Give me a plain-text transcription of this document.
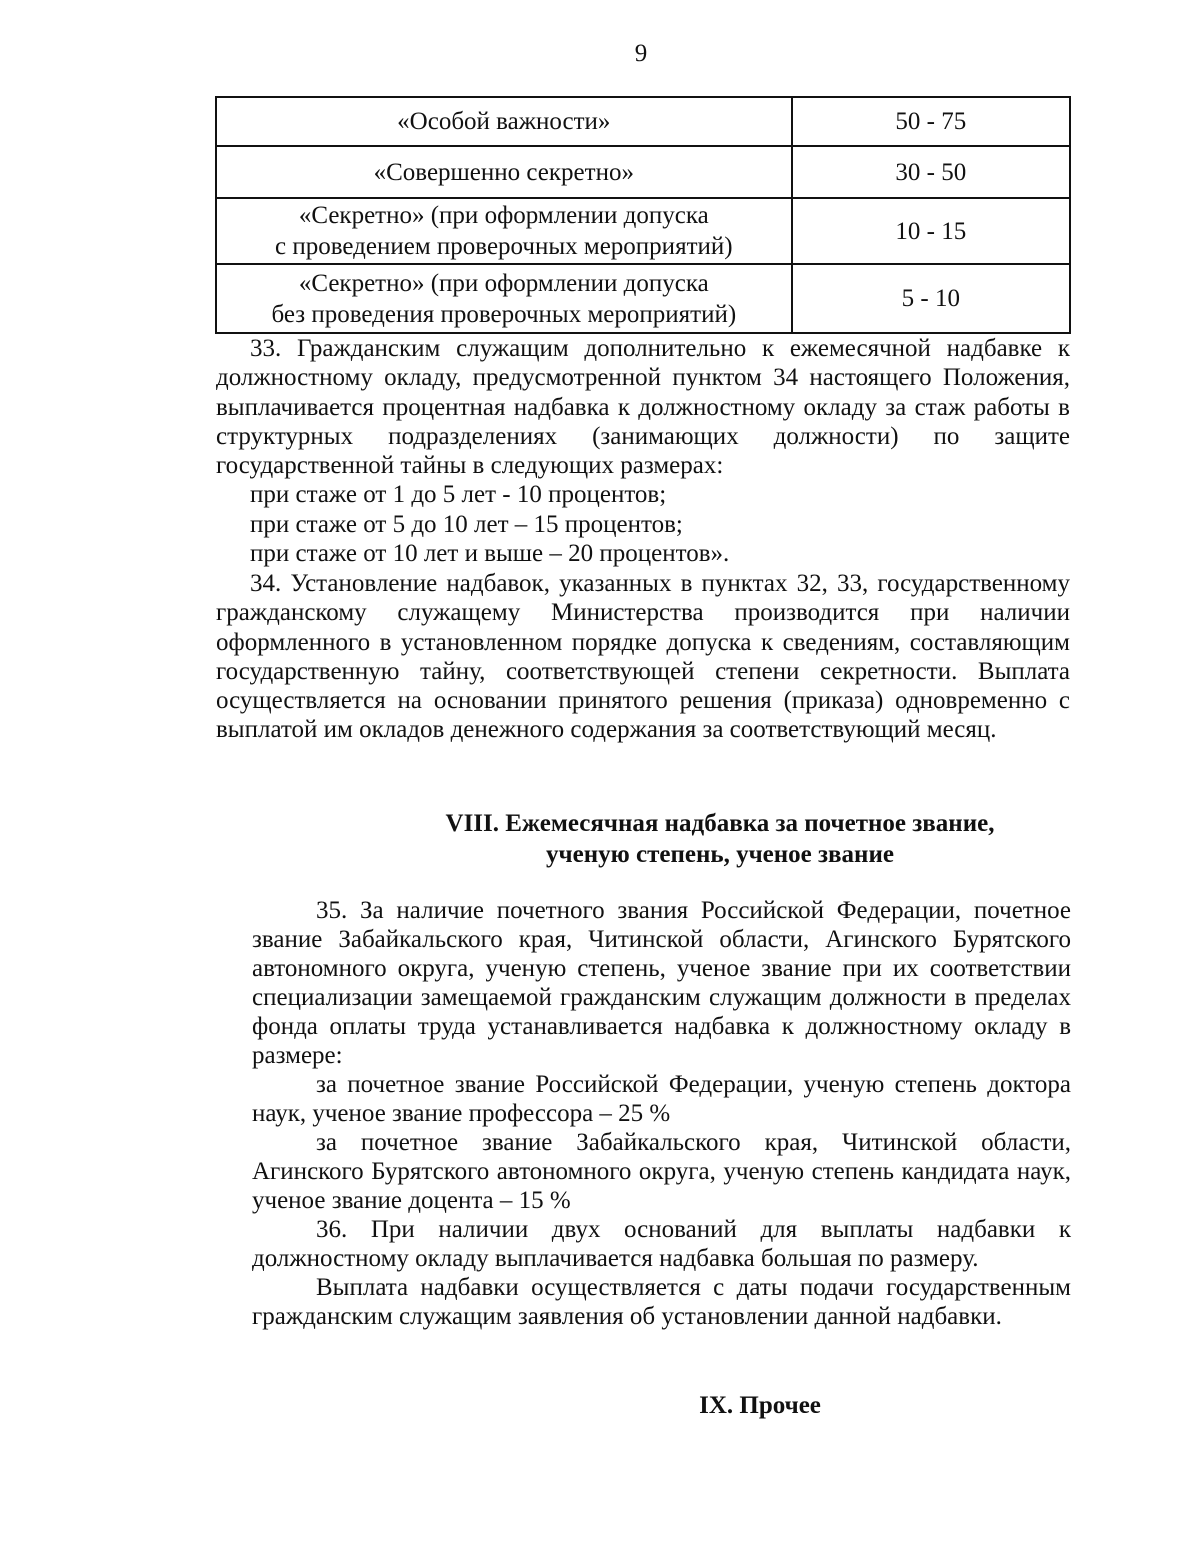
9
«Особой важности»	50 - 75

«Совершенно секретно»	30 - 50

«Секретно» (при оформлении допуска
с проведением проверочных мероприятий)	10 - 15

«Секретно» (при оформлении допуска
без проведения проверочных мероприятий)	5 - 10

33. Гражданским служащим дополнительно к ежемесячной надбавке к должностному окладу, предусмотренной пунктом 34 настоящего Положения, выплачивается процентная надбавка к должностному окладу за стаж работы в структурных подразделениях (занимающих должности) по защите государственной тайны в следующих размерах:

при стаже от 1 до 5 лет - 10 процентов;

при стаже от 5 до 10 лет – 15 процентов;

при стаже от 10 лет и выше – 20 процентов».

34. Установление надбавок, указанных в пунктах 32, 33, государственному гражданскому служащему Министерства производится при наличии оформленного в установленном порядке допуска к сведениям, составляющим государственную тайну, соответствующей степени секретности. Выплата осуществляется на основании принятого решения (приказа) одновременно с выплатой им окладов денежного содержания за соответствующий месяц.

VIII. Ежемесячная надбавка за почетное звание,
ученую степень, ученое звание

35. За наличие почетного звания Российской Федерации, почетное звание Забайкальского края, Читинской области, Агинского Бурятского автономного округа, ученую степень, ученое звание при их соответствии специализации замещаемой гражданским служащим должности в пределах фонда оплаты труда устанавливается надбавка к должностному окладу в размере:

за почетное звание Российской Федерации, ученую степень доктора наук, ученое звание профессора – 25 %

за почетное звание Забайкальского края, Читинской области, Агинского Бурятского автономного округа, ученую степень кандидата наук, ученое звание доцента – 15 %

36. При наличии двух оснований для выплаты надбавки к должностному окладу выплачивается надбавка большая по размеру.

Выплата надбавки осуществляется с даты подачи государственным гражданским служащим заявления об установлении данной надбавки.

IX. Прочее
